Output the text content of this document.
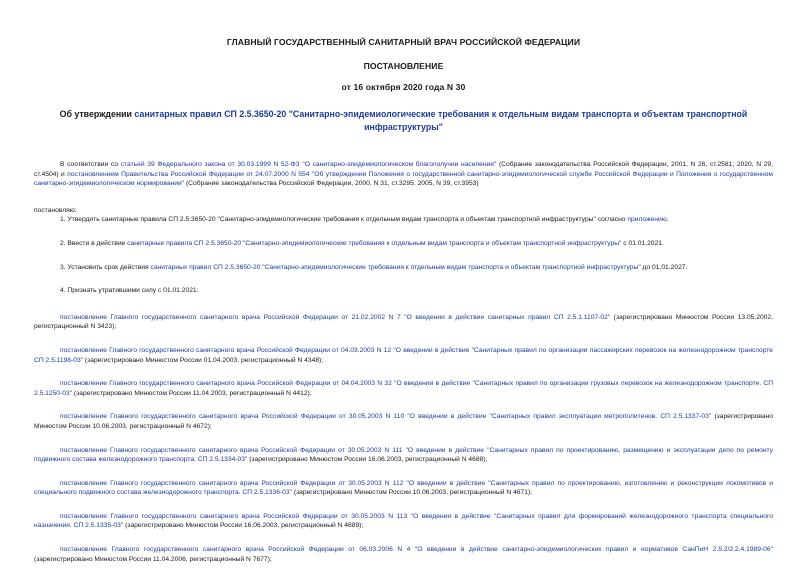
ГЛАВНЫЙ ГОСУДАРСТВЕННЫЙ САНИТАРНЫЙ ВРАЧ РОССИЙСКОЙ ФЕДЕРАЦИИ
ПОСТАНОВЛЕНИЕ
от 16 октября 2020 года N 30
Об утверждении санитарных правил СП 2.5.3650-20 "Санитарно-эпидемиологические требования к отдельным видам транспорта и объектам транспортной инфраструктуры"

В соответствии со статьей 39 Федерального закона от 30.03.1999 N 52-ФЗ "О санитарно-эпидемиологическом благополучии населения" (Собрание законодательства Российской Федерации, 2001, N 26, ст.2581; 2020, N 29, ст.4504) и постановлением Правительства Российской Федерации от 24.07.2000 N 554 "Об утверждении Положения о государственной санитарно-эпидемиологической службе Российской Федерации и Положения о государственном санитарно-эпидемиологическом нормировании" (Собрание законодательства Российской Федерации, 2000, N 31, ст.3295; 2005, N 39, ст.3953)

постановляю:

1. Утвердить санитарные правила СП 2.5.3650-20 "Санитарно-эпидемиологические требования к отдельным видам транспорта и объектам транспортной инфраструктуры" согласно приложению.

2. Ввести в действие санитарные правила СП 2.5.3650-20 "Санитарно-эпидемиологические требования к отдельным видам транспорта и объектам транспортной инфраструктуры" с 01.01.2021.

3. Установить срок действия санитарных правил СП 2.5.3650-20 "Санитарно-эпидемиологические требования к отдельным видам транспорта и объектам транспортной инфраструктуры" до 01.01.2027.

4. Признать утратившими силу с 01.01.2021:

постановление Главного государственного санитарного врача Российской Федерации от 21.02.2002 N 7 "О введении в действие санитарных правил СП 2.5.1.1107-02" (зарегистрировано Минюстом России 13.05.2002, регистрационный N 3423);

постановление Главного государственного санитарного врача Российской Федерации от 04.03.2003 N 12 "О введении в действие "Санитарных правил по организации пассажирских перевозок на железнодорожном транспорте СП 2.5.1198-03" (зарегистрировано Минюстом России 01.04.2003, регистрационный N 4348);

постановление Главного государственного санитарного врача Российской Федерации от 04.04.2003 N 32 "О введении в действие "Санитарных правил по организации грузовых перевозок на железнодорожном транспорте. СП 2.5.1250-03" (зарегистрировано Минюстом России 11.04.2003, регистрационный N 4412);

постановление Главного государственного санитарного врача Российской Федерации от 30.05.2003 N 110 "О введении в действие "Санитарных правил эксплуатации метрополитенов. СП 2.5.1337-03" (зарегистрировано Минюстом России 10.06.2003, регистрационный N 4672);

постановление Главного государственного санитарного врача Российской Федерации от 30.05.2003 N 111 "О введении в действие "Санитарных правил по проектированию, размещению и эксплуатации депо по ремонту подвижного состава железнодорожного транспорта. СП 2.5.1334-03" (зарегистрировано Минюстом России 16.06.2003, регистрационный N 4688);

постановление Главного государственного санитарного врача Российской Федерации от 30.05.2003 N 112 "О введении в действие "Санитарных правил по проектированию, изготовлению и реконструкции локомотивов и специального подвижного состава железнодорожного транспорта. СП 2.5.1336-03" (зарегистрировано Минюстом России 10.06.2003, регистрационный N 4671);

постановление Главного государственного санитарного врача Российской Федерации от 30.05.2003 N 113 "О введении в действие "Санитарных правил для формирований железнодорожного транспорта специального назначения. СП 2.5.1335-03" (зарегистрировано Минюстом России 16.06.2003, регистрационный N 4689);

постановление Главного государственного санитарного врача Российской Федерации от 06.03.2006 N 4 "О введении в действие санитарно-эпидемиологических правил и нормативов СанПиН 2.5.2/2.2.4.1989-06" (зарегистрировано Минюстом России 11.04.2006, регистрационный N 7677);
